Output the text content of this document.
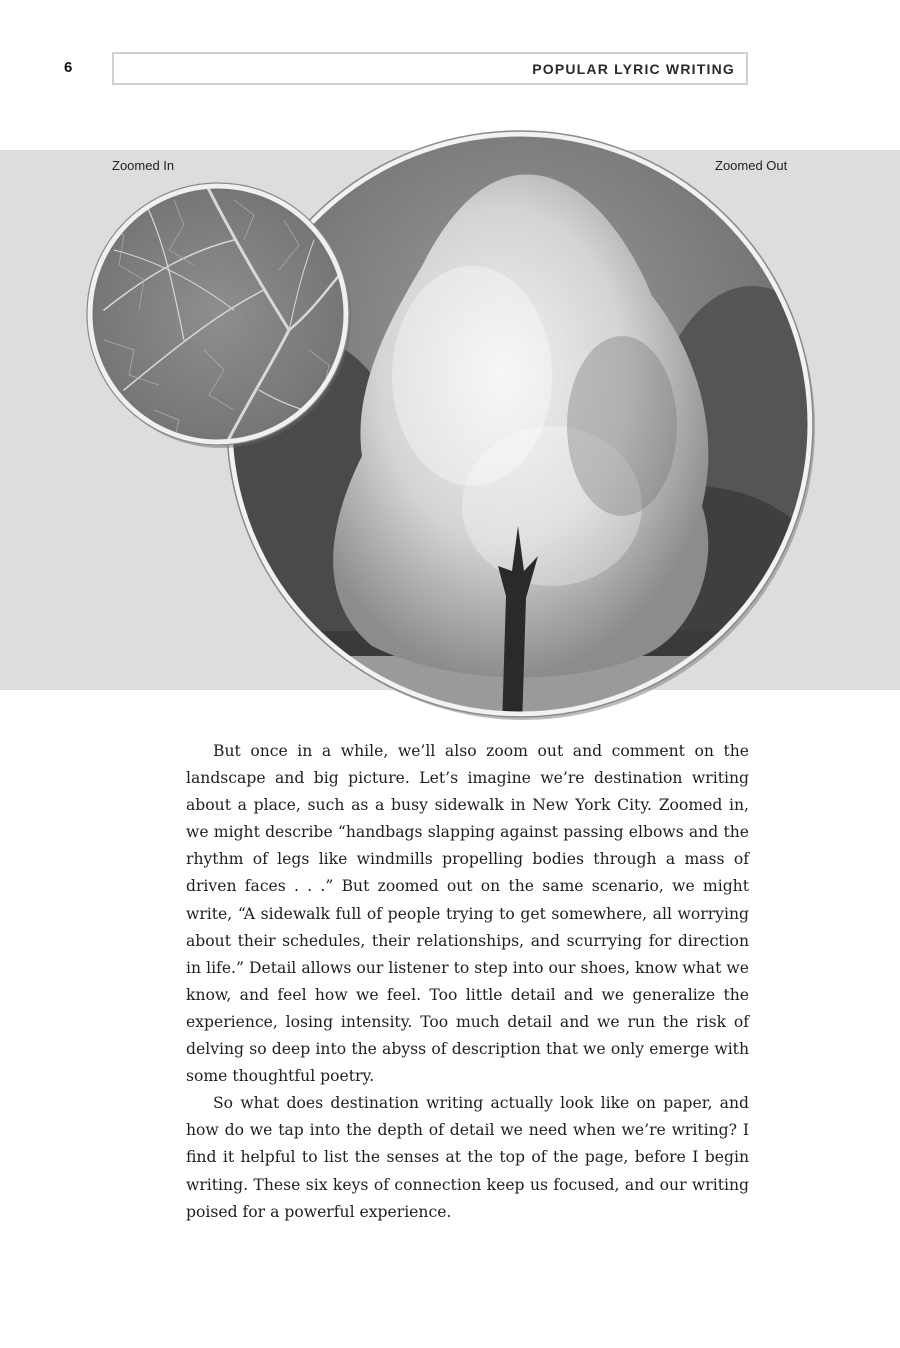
6	POPULAR LYRIC WRITING
Zoomed In	Zoomed Out

But once in a while, we’ll also zoom out and comment on the landscape and big picture. Let’s imagine we’re destination writing about a place, such as a busy sidewalk in New York City. Zoomed in, we might describe “handbags slapping against passing elbows and the rhythm of legs like windmills propelling bodies through a mass of driven faces . . .” But zoomed out on the same scenario, we might write, “A sidewalk full of people trying to get somewhere, all worrying about their schedules, their relationships, and scurrying for direction in life.” Detail allows our listener to step into our shoes, know what we know, and feel how we feel. Too little detail and we generalize the experience, losing intensity. Too much detail and we run the risk of delving so deep into the abyss of description that we only emerge with some thoughtful poetry.

So what does destination writing actually look like on paper, and how do we tap into the depth of detail we need when we’re writing? I find it helpful to list the senses at the top of the page, before I begin writing. These six keys of connection keep us focused, and our writing poised for a powerful experience.
